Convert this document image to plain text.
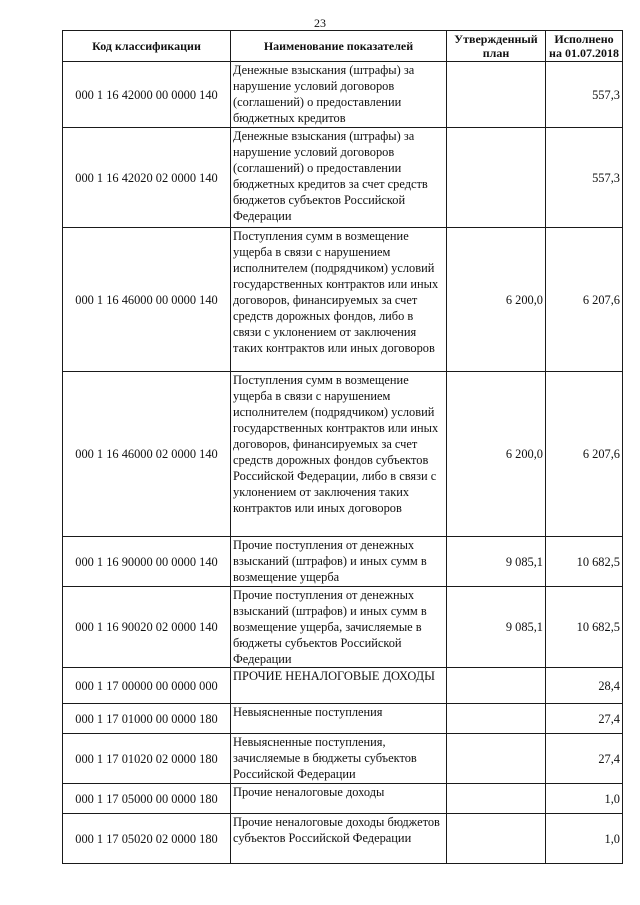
23
Код классификации	Наименование показателей	Утвержденный план	Исполнено на 01.07.2018
000 1 16 42000 00 0000 140	Денежные взыскания (штрафы) за нарушение условий договоров (соглашений) о предоставлении бюджетных кредитов		557,3
000 1 16 42020 02 0000 140	Денежные взыскания (штрафы) за нарушение условий договоров (соглашений) о предоставлении бюджетных кредитов за счет средств бюджетов субъектов Российской Федерации		557,3
000 1 16 46000 00 0000 140	Поступления сумм в возмещение ущерба в связи с нарушением исполнителем (подрядчиком) условий государственных контрактов или иных договоров, финансируемых за счет средств дорожных фондов, либо в связи с уклонением от заключения таких контрактов или иных договоров	6 200,0	6 207,6
000 1 16 46000 02 0000 140	Поступления сумм в возмещение ущерба в связи с нарушением исполнителем (подрядчиком) условий государственных контрактов или иных договоров, финансируемых за счет средств дорожных фондов субъектов Российской Федерации, либо в связи с уклонением от заключения таких контрактов или иных договоров	6 200,0	6 207,6
000 1 16 90000 00 0000 140	Прочие поступления от денежных взысканий (штрафов) и иных сумм в возмещение ущерба	9 085,1	10 682,5
000 1 16 90020 02 0000 140	Прочие поступления от денежных взысканий (штрафов) и иных сумм в возмещение ущерба, зачисляемые в бюджеты субъектов Российской Федерации	9 085,1	10 682,5
000 1 17 00000 00 0000 000	ПРОЧИЕ НЕНАЛОГОВЫЕ ДОХОДЫ		28,4
000 1 17 01000 00 0000 180	Невыясненные поступления		27,4
000 1 17 01020 02 0000 180	Невыясненные поступления, зачисляемые в бюджеты субъектов Российской Федерации		27,4
000 1 17 05000 00 0000 180	Прочие неналоговые доходы		1,0
000 1 17 05020 02 0000 180	Прочие неналоговые доходы бюджетов субъектов Российской Федерации		1,0
